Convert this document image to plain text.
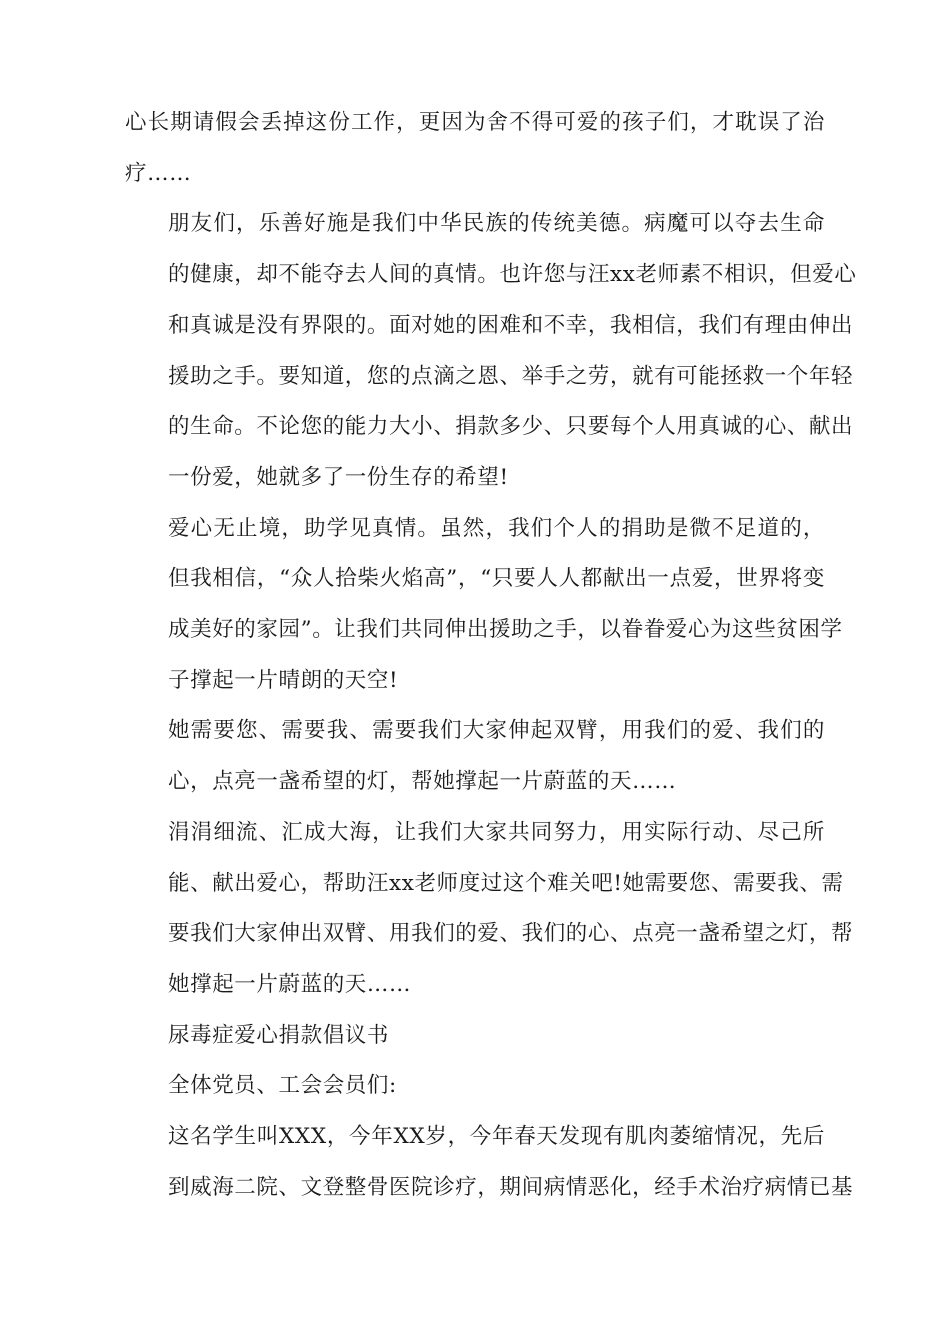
心长期请假会丢掉这份工作，更因为舍不得可爱的孩子们，才耽误了治
疗……
朋友们，乐善好施是我们中华民族的传统美德。病魔可以夺去生命
的健康，却不能夺去人间的真情。也许您与汪xx老师素不相识，但爱心
和真诚是没有界限的。面对她的困难和不幸，我相信，我们有理由伸出
援助之手。要知道，您的点滴之恩、举手之劳，就有可能拯救一个年轻
的生命。不论您的能力大小、捐款多少、只要每个人用真诚的心、献出
一份爱，她就多了一份生存的希望!
爱心无止境，助学见真情。虽然，我们个人的捐助是微不足道的，
但我相信，“众人拾柴火焰高”，“只要人人都献出一点爱，世界将变
成美好的家园”。让我们共同伸出援助之手，以眷眷爱心为这些贫困学
子撑起一片晴朗的天空!
她需要您、需要我、需要我们大家伸起双臂，用我们的爱、我们的
心，点亮一盏希望的灯，帮她撑起一片蔚蓝的天……
涓涓细流、汇成大海，让我们大家共同努力，用实际行动、尽己所
能、献出爱心，帮助汪xx老师度过这个难关吧!她需要您、需要我、需
要我们大家伸出双臂、用我们的爱、我们的心、点亮一盏希望之灯，帮
她撑起一片蔚蓝的天……
尿毒症爱心捐款倡议书
全体党员、工会会员们:
这名学生叫XXX，今年XX岁，今年春天发现有肌肉萎缩情况，先后
到威海二院、文登整骨医院诊疗，期间病情恶化，经手术治疗病情已基
